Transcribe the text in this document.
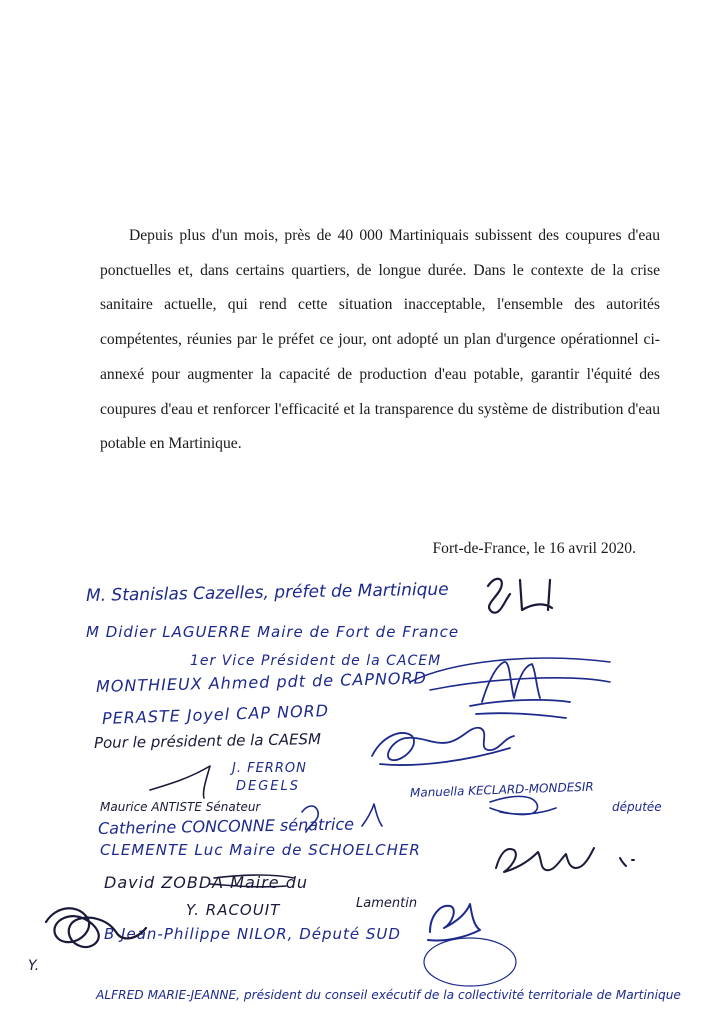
Depuis plus d'un mois, près de 40 000 Martiniquais subissent des coupures d'eau ponctuelles et, dans certains quartiers, de longue durée. Dans le contexte de la crise sanitaire actuelle, qui rend cette situation inacceptable, l'ensemble des autorités compétentes, réunies par le préfet ce jour, ont adopté un plan d'urgence opérationnel ci-annexé pour augmenter la capacité de production d'eau potable, garantir l'équité des coupures d'eau et renforcer l'efficacité et la transparence du système de distribution d'eau potable en Martinique.

Fort-de-France, le 16 avril 2020.
M. Stanislas Cazelles, préfet de Martinique
M Didier LAGUERRE Maire de Fort de France
1er Vice Président de la CACEM
MONTHIEUX Ahmed pdt de CAPNORD
PERASTE Joyel CAP NORD
Pour le président de la CAESM
J. FERRON
DEGELS
Maurice ANTISTE Sénateur
Manuella KECLARD-MONDESIR
députée
Catherine CONCONNE sénatrice
CLEMENTE Luc Maire de SCHOELCHER
David ZOBDA Maire du
Y. RACOUIT	Lamentin
B Jean-Philippe NILOR, Député SUD
Y.
ALFRED MARIE-JEANNE, président du conseil exécutif de la collectivité territoriale de Martinique
